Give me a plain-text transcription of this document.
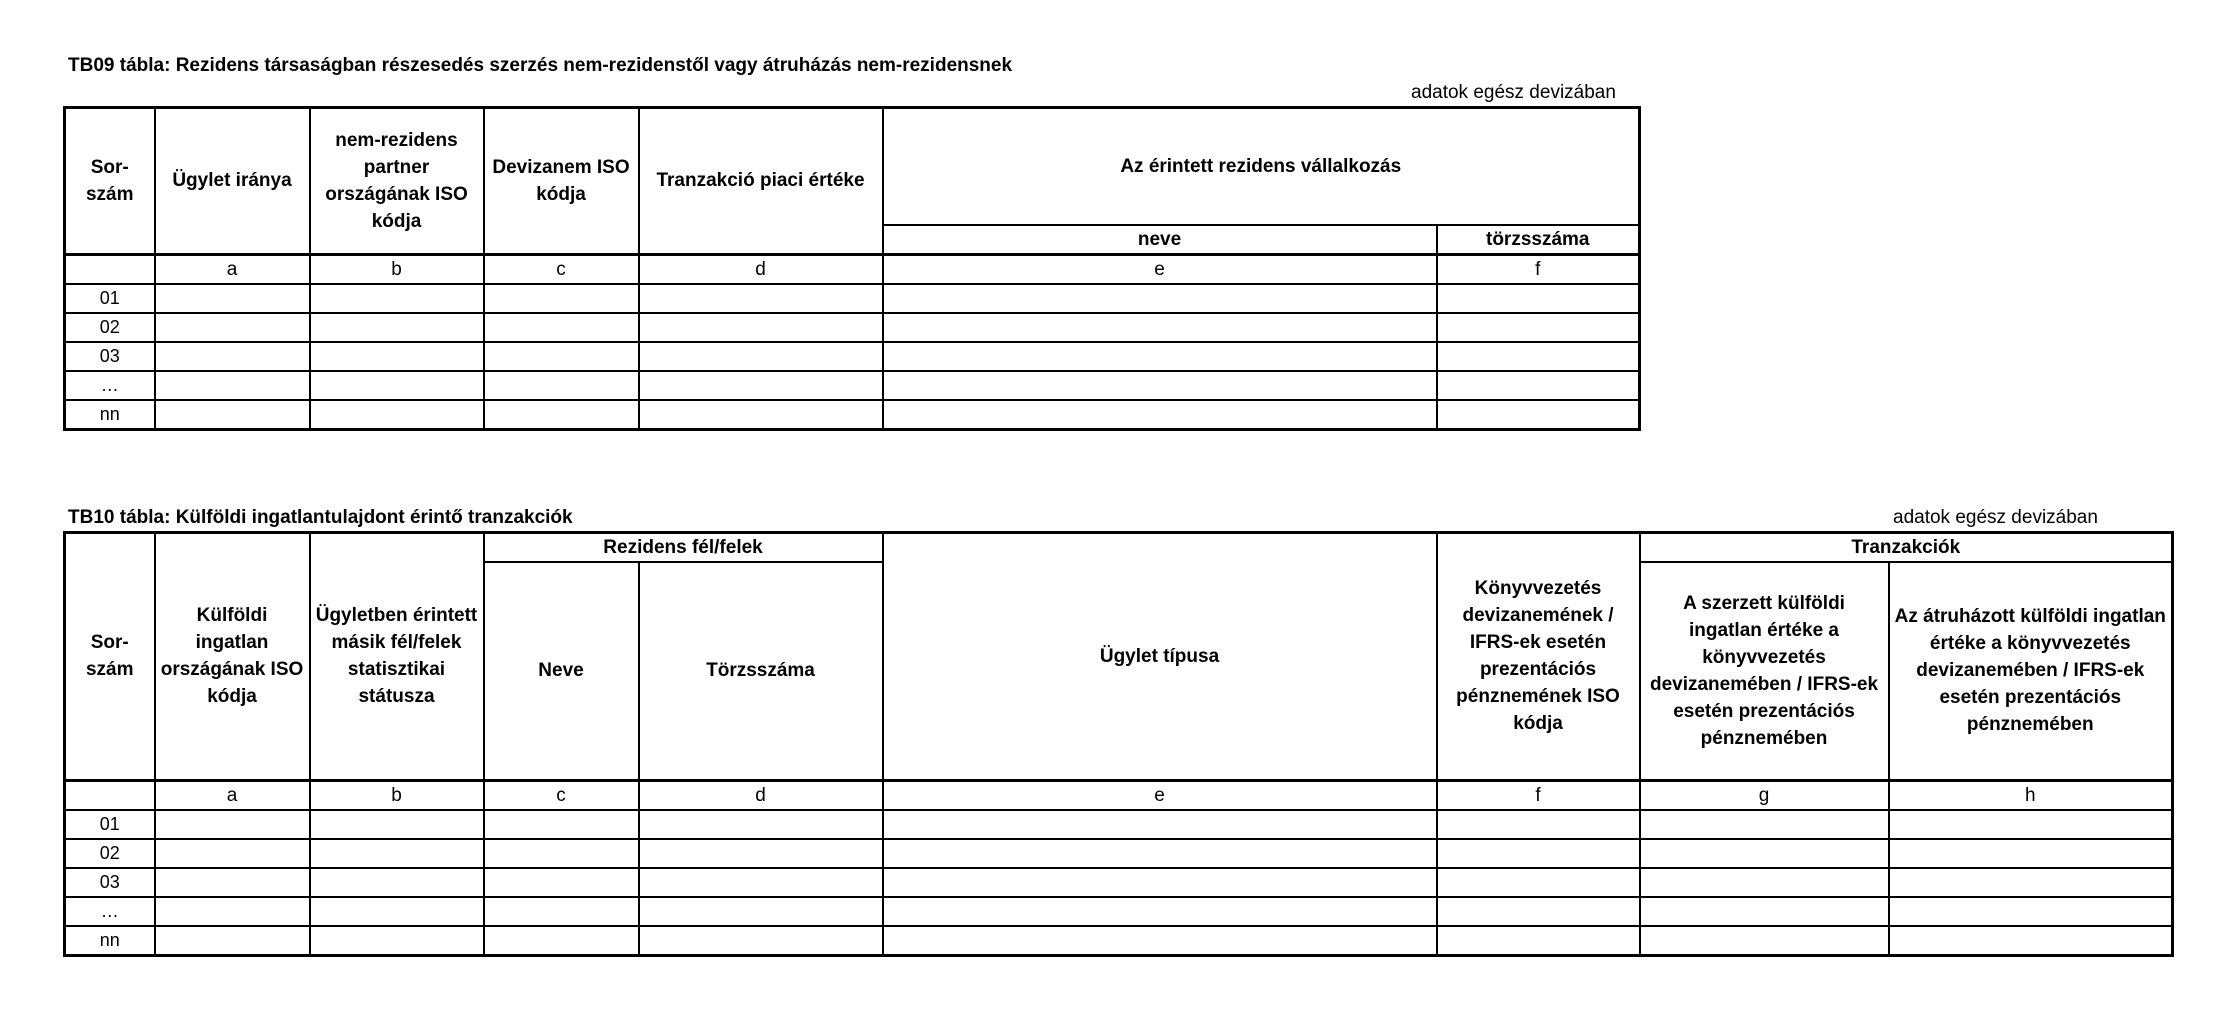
TB09 tábla: Rezidens társaságban részesedés szerzés nem-rezidenstől vagy átruházás nem-rezidensnek
adatok egész devizában
Sor-
szám	Ügylet iránya	nem-rezidens partner országának ISO kódja	Devizanem ISO kódja	Tranzakció piaci értéke	Az érintett rezidens vállalkozás	
					neve	törzsszáma
	a	b	c	d	e	f
01						
02						
03						
…						
nn						
TB10 tábla: Külföldi ingatlantulajdont érintő tranzakciók	adatok egész devizában
Sor-
szám	Külföldi ingatlan országának ISO kódja	Ügyletben érintett másik fél/felek statisztikai státusza	Rezidens fél/felek		Ügylet típusa	Könyvvezetés devizanemének / IFRS-ek esetén prezentációs pénznemének ISO kódja	Tranzakciók	
			Neve	Törzsszáma			A szerzett külföldi ingatlan értéke a könyvvezetés devizanemében / IFRS-ek esetén prezentációs pénznemében	Az átruházott külföldi ingatlan értéke a könyvvezetés devizanemében / IFRS-ek esetén prezentációs pénznemében
	a	b	c	d	e	f	g	h
01								
02								
03								
…								
nn								
